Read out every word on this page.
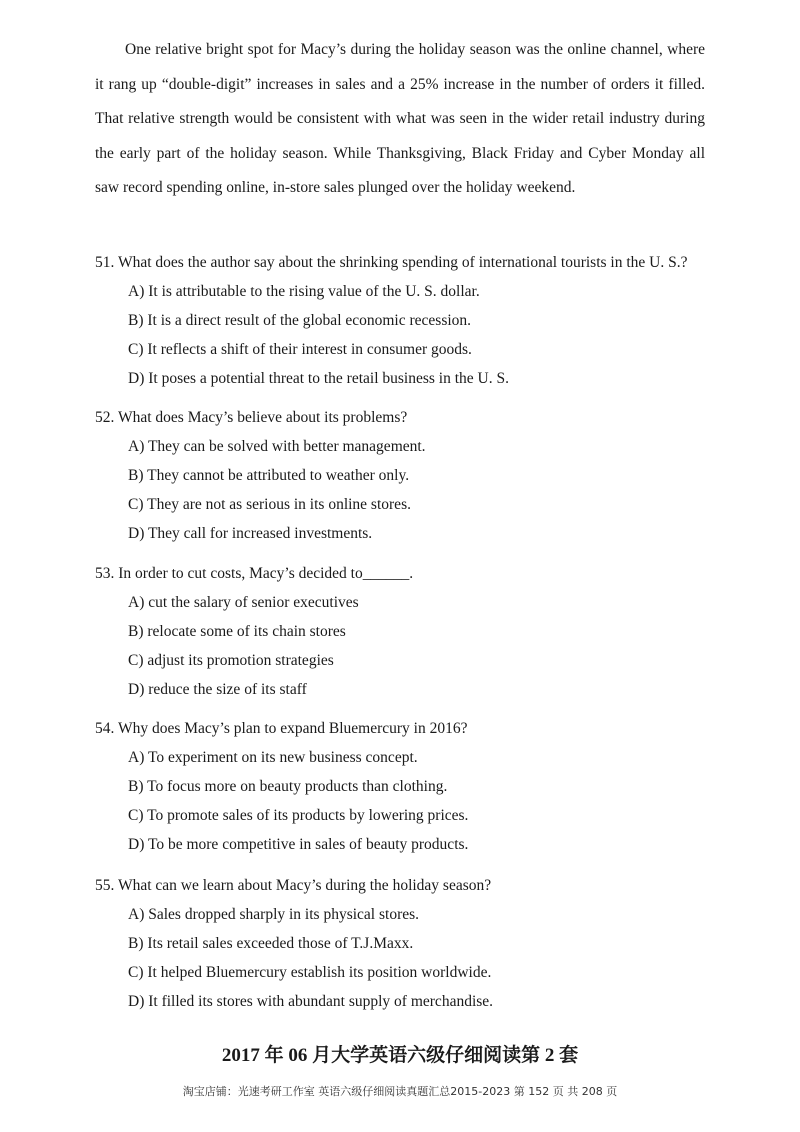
One relative bright spot for Macy’s during the holiday season was the online channel, where it rang up “double-digit” increases in sales and a 25% increase in the number of orders it filled. That relative strength would be consistent with what was seen in the wider retail industry during the early part of the holiday season. While Thanksgiving, Black Friday and Cyber Monday all saw record spending online, in-store sales plunged over the holiday weekend.

51. What does the author say about the shrinking spending of international tourists in the U. S.?

A) It is attributable to the rising value of the U. S. dollar.

B) It is a direct result of the global economic recession.

C) It reflects a shift of their interest in consumer goods.

D) It poses a potential threat to the retail business in the U. S.

52. What does Macy’s believe about its problems?

A) They can be solved with better management.

B) They cannot be attributed to weather only.

C) They are not as serious in its online stores.

D) They call for increased investments.

53. In order to cut costs, Macy’s decided to______.

A) cut the salary of senior executives

B) relocate some of its chain stores

C) adjust its promotion strategies

D) reduce the size of its staff

54. Why does Macy’s plan to expand Bluemercury in 2016?

A) To experiment on its new business concept.

B) To focus more on beauty products than clothing.

C) To promote sales of its products by lowering prices.

D) To be more competitive in sales of beauty products.

55. What can we learn about Macy’s during the holiday season?

A) Sales dropped sharply in its physical stores.

B) Its retail sales exceeded those of T.J.Maxx.

C) It helped Bluemercury establish its position worldwide.

D) It filled its stores with abundant supply of merchandise.

2017 年 06 月大学英语六级仔细阅读第 2 套

淘宝店铺：光速考研工作室 英语六级仔细阅读真题汇总2015-2023 第 152 页 共 208 页
